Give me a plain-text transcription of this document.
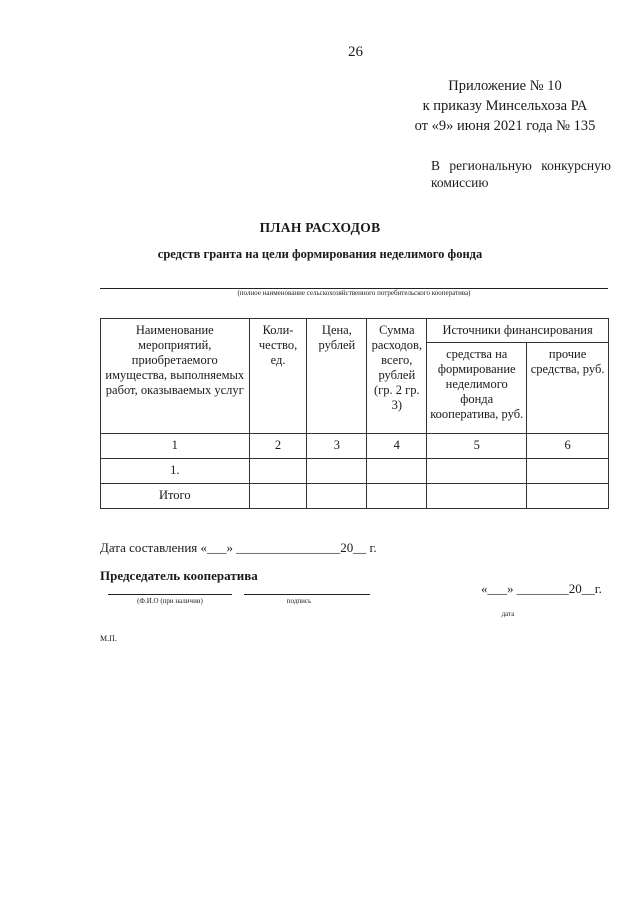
26
Приложение № 10
к приказу Минсельхоза РА
от «9» июня 2021 года № 135
В региональную конкурсную
комиссию
ПЛАН РАСХОДОВ
средств гранта на цели формирования неделимого фонда
(полное наименование сельскохозяйственного потребительского кооператива)
Наименование мероприятий, приобретаемого имущества, выполняемых работ, оказываемых услуг	Коли-чество, ед.	Цена, рублей	Сумма расходов, всего, рублей (гр. 2 гр. 3)	Источники финансирования	
				средства на формирование неделимого фонда кооператива, руб.	прочие средства, руб.
1	2	3	4	5	6
1.					
Итого					
Дата составления «___» ________________20__ г.
Председатель кооператива
(Ф.И.О (при наличии)	подпись
«___» ________20__г.
дата
М.П.
